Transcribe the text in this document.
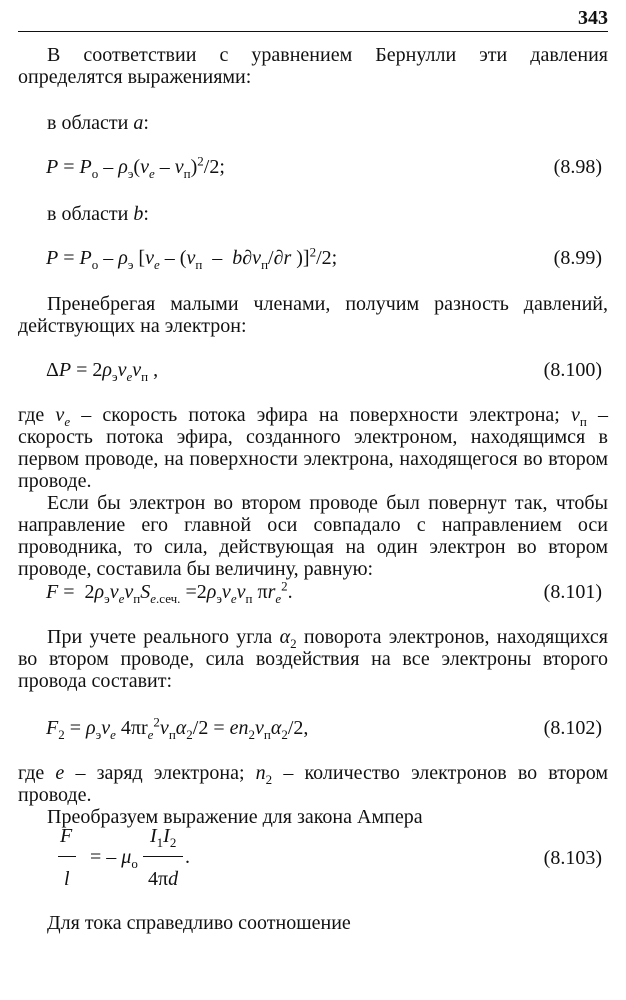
343

В соответствии с уравнением Бернулли эти давления определятся выражениями:

в области a:
$P = P_о - \rho_э(v_e - v_п)^2/2$;	(8.98)
в области b:
$P = P_о - \rho_э$ [$v_e - (v_п - b\partial v_п/\partial r$ )]$^2$/2;	(8.99)

Пренебрегая малыми членами, получим разность давлений, действующих на электрон:

$\Delta P = 2\rho_эv_ev_п$ ,	(8.100)

где $v_e$ – скорость потока эфира на поверхности электрона; $v_п$ – скорость потока эфира, созданного электроном, находящимся в первом проводе, на поверхности электрона, находящегося во втором проводе.

Если бы электрон во втором проводе был повернут так, чтобы направление его главной оси совпадало с направлением оси проводника, то сила, действующая на один электрон во втором проводе, составила бы величину, равную:

$F = 2\rho_эv_ev_пS_{e.сеч.} =2\rho_эv_ev_п$ $\pi r_e^2$.	(8.101)

При учете реального угла $\alpha_2$ поворота электронов, находящихся во втором проводе, сила воздействия на все электроны второго провода составит:

$F_2 = \rho_эv_e$ $4\pi r_e^2v_п\alpha_2/2 = en_2v_п\alpha_2/2$,	(8.102)

где e – заряд электрона; $n_2$ – количество электронов во втором проводе.

Преобразуем выражение для закона Ампера

F
l
= – $\mu_о$
$I_1I_2$
.
4πd
(8.103)

Для тока справедливо соотношение
